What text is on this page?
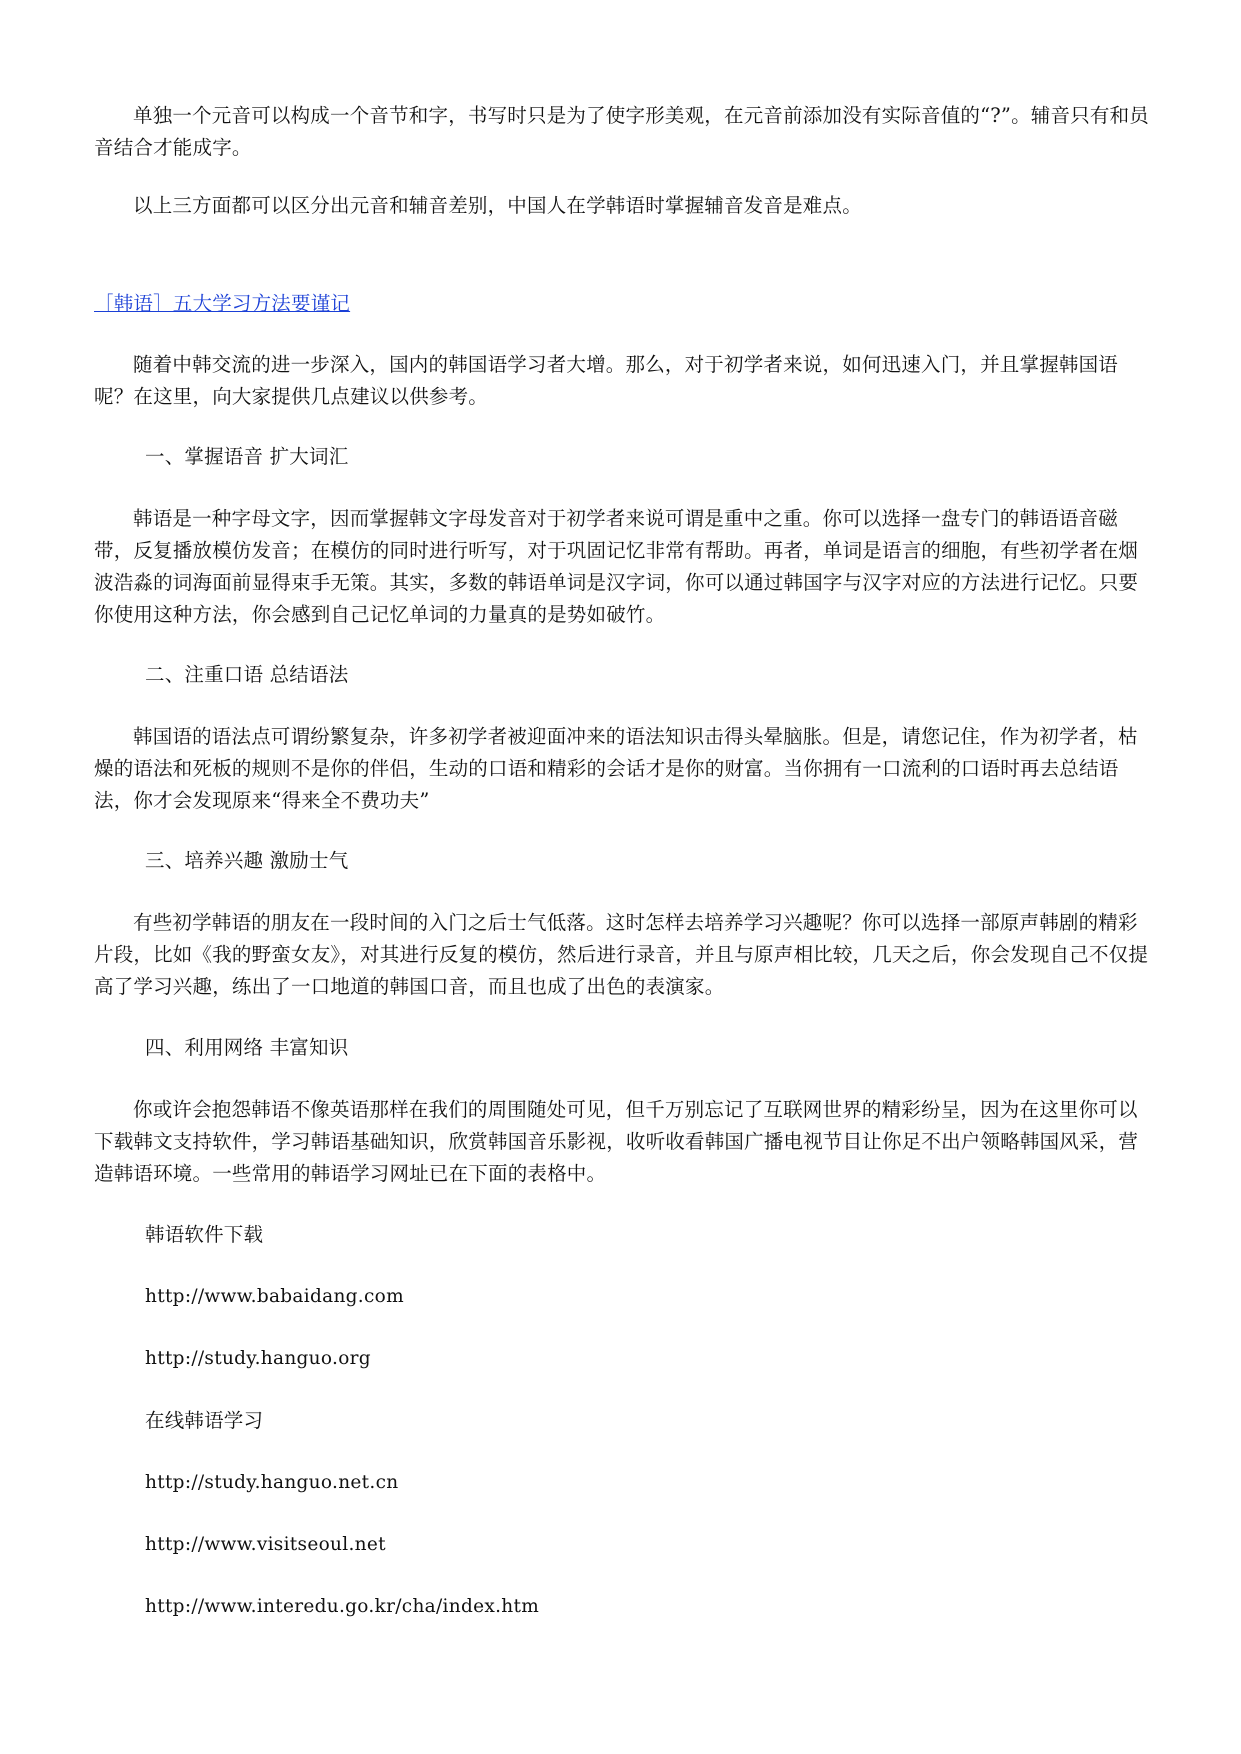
单独一个元音可以构成一个音节和字，书写时只是为了使字形美观，在元音前添加没有实际音值的“?”。辅音只有和员音结合才能成字。

以上三方面都可以区分出元音和辅音差别，中国人在学韩语时掌握辅音发音是难点。

［韩语］五大学习方法要谨记

随着中韩交流的进一步深入，国内的韩国语学习者大增。那么，对于初学者来说，如何迅速入门，并且掌握韩国语呢？在这里，向大家提供几点建议以供参考。

一、掌握语音 扩大词汇

韩语是一种字母文字，因而掌握韩文字母发音对于初学者来说可谓是重中之重。你可以选择一盘专门的韩语语音磁带，反复播放模仿发音；在模仿的同时进行听写，对于巩固记忆非常有帮助。再者，单词是语言的细胞，有些初学者在烟波浩淼的词海面前显得束手无策。其实，多数的韩语单词是汉字词，你可以通过韩国字与汉字对应的方法进行记忆。只要你使用这种方法，你会感到自己记忆单词的力量真的是势如破竹。

二、注重口语 总结语法

韩国语的语法点可谓纷繁复杂，许多初学者被迎面冲来的语法知识击得头晕脑胀。但是，请您记住，作为初学者，枯燥的语法和死板的规则不是你的伴侣，生动的口语和精彩的会话才是你的财富。当你拥有一口流利的口语时再去总结语法，你才会发现原来“得来全不费功夫”

三、培养兴趣 激励士气

有些初学韩语的朋友在一段时间的入门之后士气低落。这时怎样去培养学习兴趣呢？你可以选择一部原声韩剧的精彩片段，比如《我的野蛮女友》，对其进行反复的模仿，然后进行录音，并且与原声相比较，几天之后，你会发现自己不仅提高了学习兴趣，练出了一口地道的韩国口音，而且也成了出色的表演家。

四、利用网络 丰富知识

你或许会抱怨韩语不像英语那样在我们的周围随处可见，但千万别忘记了互联网世界的精彩纷呈，因为在这里你可以下载韩文支持软件，学习韩语基础知识，欣赏韩国音乐影视，收听收看韩国广播电视节目让你足不出户领略韩国风采，营造韩语环境。一些常用的韩语学习网址已在下面的表格中。

韩语软件下载

http://www.babaidang.com

http://study.hanguo.org

在线韩语学习

http://study.hanguo.net.cn

http://www.visitseoul.net

http://www.interedu.go.kr/cha/index.htm
